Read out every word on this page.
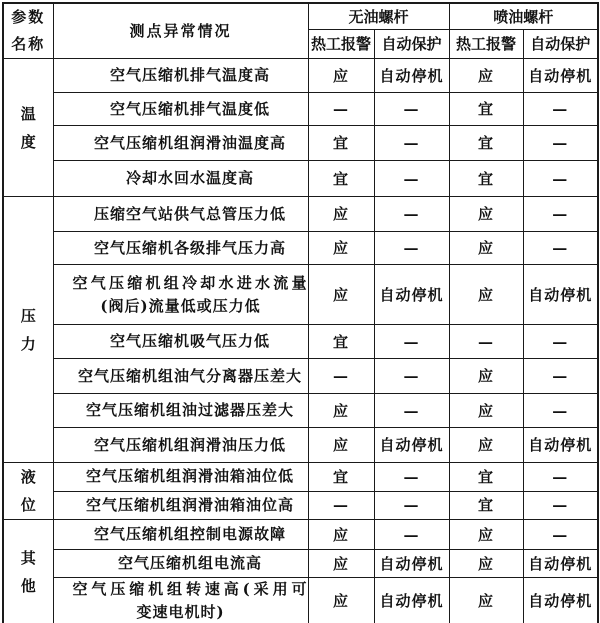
参数名称	测点异常情况	无油螺杆		喷油螺杆	
		热工报警	自动保护	热工报警	自动保护

温度	空气压缩机排气温度高	应	自动停机	应	自动停机

	空气压缩机排气温度低	—	—	宜	—

	空气压缩机组润滑油温度高	宜	—	宜	—

	冷却水回水温度高	宜	—	宜	—

压力	压缩空气站供气总管压力低	应	—	应	—

	空气压缩机各级排气压力高	应	—	应	—

	空气压缩机组冷却水进水流量
(阀后)流量低或压力低	应	自动停机	应	自动停机

	空气压缩机吸气压力低	宜	—	—	—

	空气压缩机组油气分离器压差大	—	—	应	—

	空气压缩机组油过滤器压差大	应	—	应	—

	空气压缩机组润滑油压力低	应	自动停机	应	自动停机

液位	空气压缩机组润滑油箱油位低	宜	—	宜	—

	空气压缩机组润滑油箱油位高	—	—	宜	—

其他	空气压缩机组控制电源故障	应	—	应	—

	空气压缩机组电流高	应	自动停机	应	自动停机

	空气压缩机组转速高(采用可
变速电机时)	应	自动停机	应	自动停机
